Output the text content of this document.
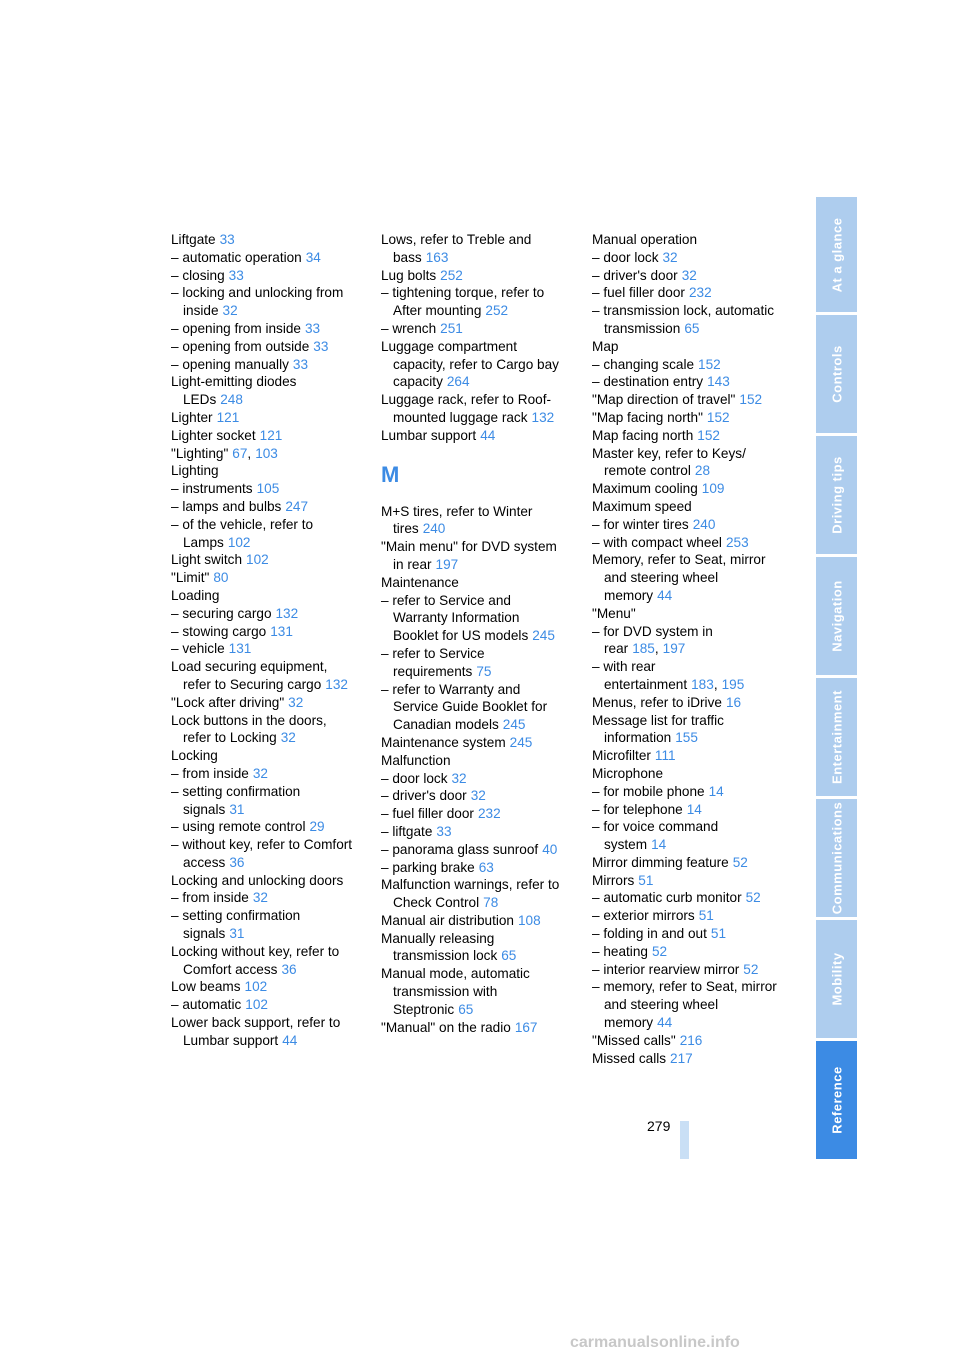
Liftgate 33
– automatic operation 34
– closing 33
– locking and unlocking from
inside 32
– opening from inside 33
– opening from outside 33
– opening manually 33
Light-emitting diodes
LEDs 248
Lighter 121
Lighter socket 121
"Lighting" 67, 103
Lighting
– instruments 105
– lamps and bulbs 247
– of the vehicle, refer to
Lamps 102
Light switch 102
"Limit" 80
Loading
– securing cargo 132
– stowing cargo 131
– vehicle 131
Load securing equipment,
refer to Securing cargo 132
"Lock after driving" 32
Lock buttons in the doors,
refer to Locking 32
Locking
– from inside 32
– setting confirmation
signals 31
– using remote control 29
– without key, refer to Comfort
access 36
Locking and unlocking doors
– from inside 32
– setting confirmation
signals 31
Locking without key, refer to
Comfort access 36
Low beams 102
– automatic 102
Lower back support, refer to
Lumbar support 44
Lows, refer to Treble and
bass 163
Lug bolts 252
– tightening torque, refer to
After mounting 252
– wrench 251
Luggage compartment
capacity, refer to Cargo bay
capacity 264
Luggage rack, refer to Roof-
mounted luggage rack 132
Lumbar support 44
M
M+S tires, refer to Winter
tires 240
"Main menu" for DVD system
in rear 197
Maintenance
– refer to Service and
Warranty Information
Booklet for US models 245
– refer to Service
requirements 75
– refer to Warranty and
Service Guide Booklet for
Canadian models 245
Maintenance system 245
Malfunction
– door lock 32
– driver's door 32
– fuel filler door 232
– liftgate 33
– panorama glass sunroof 40
– parking brake 63
Malfunction warnings, refer to
Check Control 78
Manual air distribution 108
Manually releasing
transmission lock 65
Manual mode, automatic
transmission with
Steptronic 65
"Manual" on the radio 167
Manual operation
– door lock 32
– driver's door 32
– fuel filler door 232
– transmission lock, automatic
transmission 65
Map
– changing scale 152
– destination entry 143
"Map direction of travel" 152
"Map facing north" 152
Map facing north 152
Master key, refer to Keys/
remote control 28
Maximum cooling 109
Maximum speed
– for winter tires 240
– with compact wheel 253
Memory, refer to Seat, mirror
and steering wheel
memory 44
"Menu"
– for DVD system in
rear 185, 197
– with rear
entertainment 183, 195
Menus, refer to iDrive 16
Message list for traffic
information 155
Microfilter 111
Microphone
– for mobile phone 14
– for telephone 14
– for voice command
system 14
Mirror dimming feature 52
Mirrors 51
– automatic curb monitor 52
– exterior mirrors 51
– folding in and out 51
– heating 52
– interior rearview mirror 52
– memory, refer to Seat, mirror
and steering wheel
memory 44
"Missed calls" 216
Missed calls 217
At a glance
Controls
Driving tips
Navigation
Entertainment
Communications
Mobility
Reference
279
carmanualsonline.info
